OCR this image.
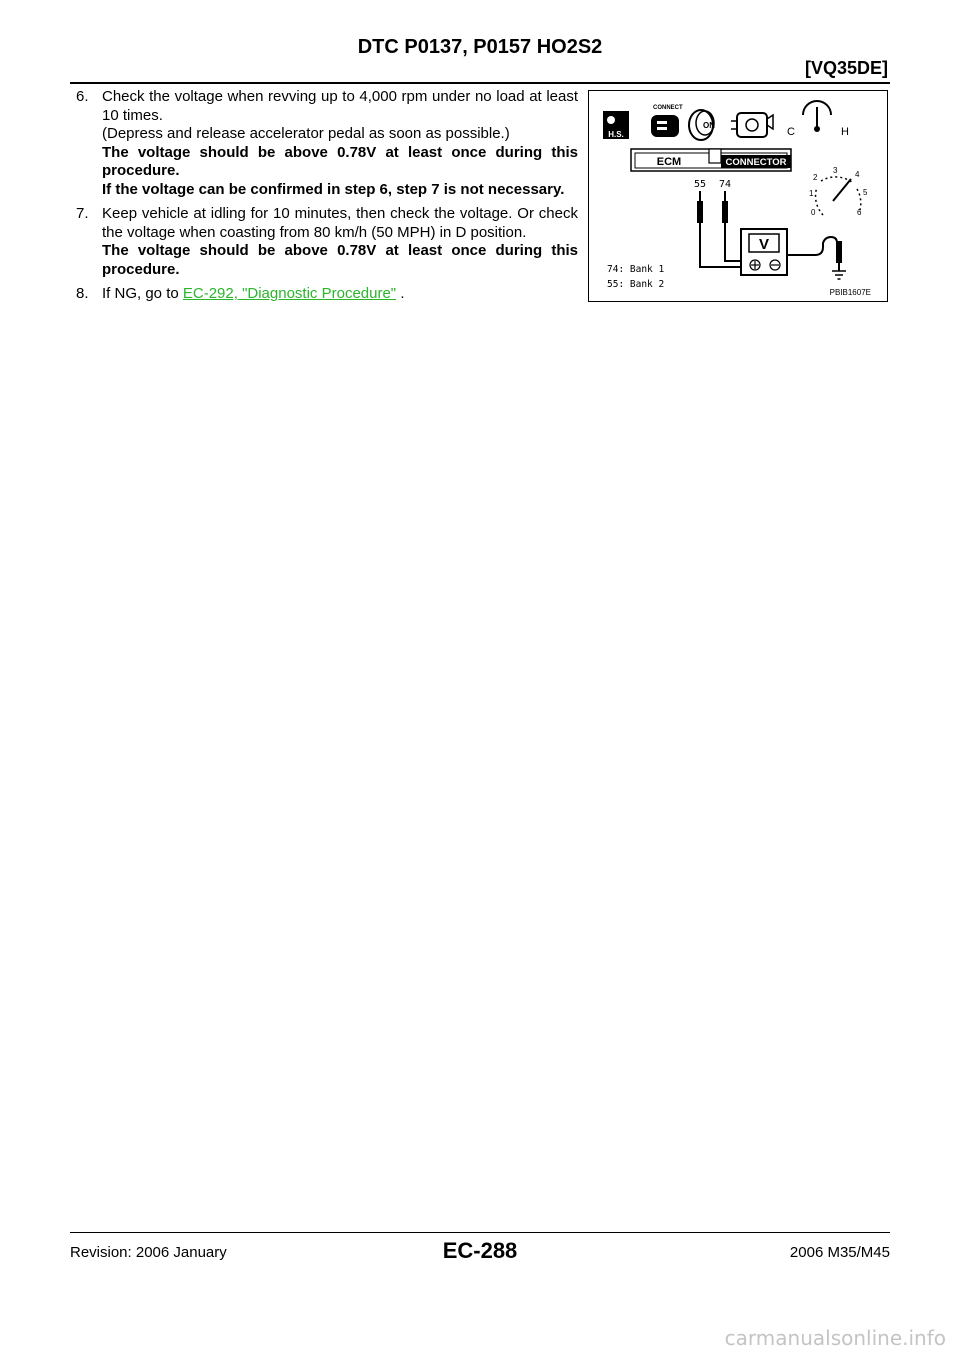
DTC P0137, P0157 HO2S2
[VQ35DE]
6. Check the voltage when revving up to 4,000 rpm under no load at least 10 times.

(Depress and release accelerator pedal as soon as possible.)

The voltage should be above 0.78V at least once during this procedure.

If the voltage can be confirmed in step 6, step 7 is not necessary.

7. Keep vehicle at idling for 10 minutes, then check the voltage. Or check the voltage when coasting from 80 km/h (50 MPH) in D position.

The voltage should be above 0.78V at least once during this procedure.

8. If NG, go to EC-292, "Diagnostic Procedure" .

H.S.
CONNECT
ON
C	H
ECM	CONNECTOR
55 74
V
0
1
2
3 4
5
6
74: Bank 1
55: Bank 2
PBIB1607E
Revision: 2006 January	EC-288	2006 M35/M45
carmanualsonline.info
